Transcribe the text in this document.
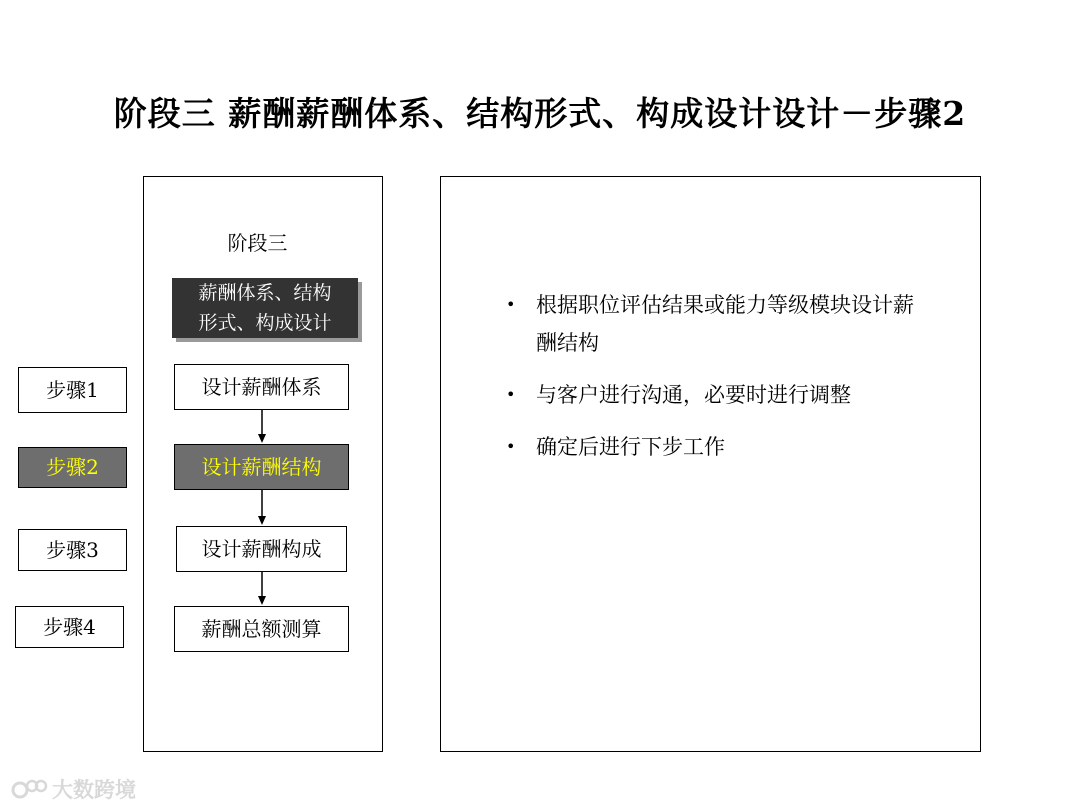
阶段三 薪酬薪酬体系、结构形式、构成设计设计－步骤2
阶段三
薪酬体系、结构
形式、构成设计
步骤1
步骤2
步骤3
步骤4
设计薪酬体系
设计薪酬结构
设计薪酬构成
薪酬总额测算
• 根据职位评估结果或能力等级模块设计薪
酬结构
• 与客户进行沟通，必要时进行调整
• 确定后进行下步工作
大数跨境
